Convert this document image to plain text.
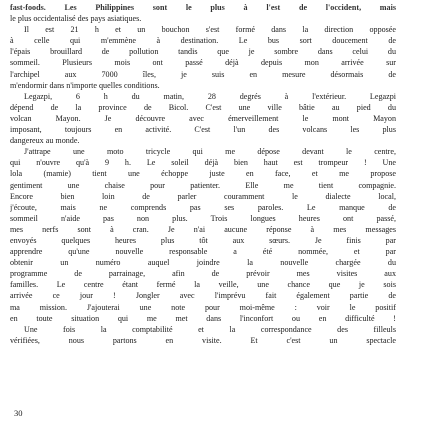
fast-foods. Les Philippines sont le plus à l'est de l'occident, mais
le plus occidentalisé des pays asiatiques.
Il est 21 h et un bouchon s'est formé dans la direction opposée
à celle qui m'emmène à destination. Le bus sort doucement de
l'épais brouillard de pollution tandis que je sombre dans celui du
sommeil. Plusieurs mois ont passé déjà depuis mon arrivée sur
l'archipel aux 7000 îles, je suis en mesure désormais de
m'endormir dans n'importe quelles conditions.
Legazpi, 6 h du matin, 28 degrés à l'extérieur. Legazpi
dépend de la province de Bicol. C'est une ville bâtie au pied du
volcan Mayon. Je découvre avec émerveillement le mont Mayon
imposant, toujours en activité. C'est l'un des volcans les plus
dangereux au monde.
J'attrape une moto tricycle qui me dépose devant le centre,
qui n'ouvre qu'à 9 h. Le soleil déjà bien haut est trompeur ! Une
lola (mamie) tient une échoppe juste en face, et me propose
gentiment une chaise pour patienter. Elle me tient compagnie.
Encore bien loin de parler couramment le dialecte local,
j'écoute, mais ne comprends pas ses paroles. Le manque de
sommeil n'aide pas non plus. Trois longues heures ont passé,
mes nerfs sont à cran. Je n'ai aucune réponse à mes messages
envoyés quelques heures plus tôt aux sœurs. Je finis par
apprendre qu'une nouvelle responsable a été nommée, et par
obtenir un numéro auquel joindre la nouvelle chargée du
programme de parrainage, afin de prévoir mes visites aux
familles. Le centre étant fermé la veille, une chance que je sois
arrivée ce jour ! Jongler avec l'imprévu fait également partie de
ma mission. J'ajouterai une note pour moi-même : voir le positif
en toute situation qui me met dans l'inconfort ou en difficulté !
Une fois la comptabilité et la correspondance des filleuls
vérifiées, nous partons en visite. Et c'est un spectacle
30
